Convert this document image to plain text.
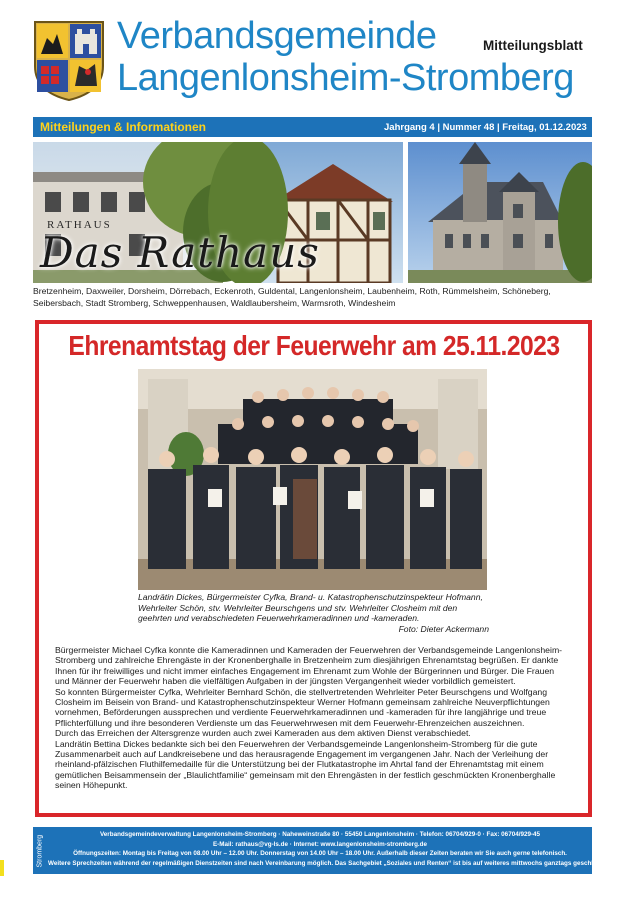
Verbandsgemeinde
Langenlonsheim-Stromberg
Mitteilungsblatt
Mitteilungen & Informationen	Jahrgang 4 | Nummer 48 | Freitag, 01.12.2023
RATHAUS
Das Rathaus
Bretzenheim, Daxweiler, Dorsheim, Dörrebach, Eckenroth, Guldental, Langenlonsheim, Laubenheim, Roth, Rümmelsheim, Schöneberg, Seibersbach, Stadt Stromberg, Schweppenhausen, Waldlaubersheim, Warmsroth, Windesheim
Ehrenamtstag der Feuerwehr am 25.11.2023
Landrätin Dickes, Bürgermeister Cyfka, Brand- u. Katastrophenschutzinspekteur Hofmann, Wehrleiter Schön, stv. Wehrleiter Beurschgens und stv. Wehrleiter Closheim mit den geehrten und verabschiedeten Feuerwehrkameradinnen und -kameraden.
Foto: Dieter Ackermann

Bürgermeister Michael Cyfka konnte die Kameradinnen und Kameraden der Feuerwehren der Verbandsgemeinde Langenlonsheim-Stromberg und zahlreiche Ehrengäste in der Kronenberghalle in Bretzenheim zum diesjährigen Ehrenamtstag begrüßen. Er dankte Ihnen für ihr freiwilliges und nicht immer einfaches Engagement im Ehrenamt zum Wohle der Bürgerinnen und Bürger. Die Frauen und Männer der Feuerwehr haben die vielfältigen Aufgaben in der jüngsten Vergangenheit wieder vorbildlich gemeistert.

So konnten Bürgermeister Cyfka, Wehrleiter Bernhard Schön, die stellvertretenden Wehrleiter Peter Beurschgens und Wolfgang Closheim im Beisein von Brand- und Katastrophenschutzinspekteur Werner Hofmann gemeinsam zahlreiche Neuverpflichtungen vornehmen, Beförderungen aussprechen und verdiente Feuerwehrkameradinnen und -kameraden für ihre langjährige und treue Pflichterfüllung und ihre besonderen Verdienste um das Feuerwehrwesen mit dem Feuerwehr-Ehrenzeichen auszeichnen.

Durch das Erreichen der Altersgrenze wurden auch zwei Kameraden aus dem aktiven Dienst verabschiedet.

Landrätin Bettina Dickes bedankte sich bei den Feuerwehren der Verbandsgemeinde Langenlonsheim-Stromberg für die gute Zusammenarbeit auch auf Landkreisebene und das herausragende Engagement im vergangenen Jahr. Nach der Verleihung der rheinland-pfälzischen Fluthilfemedaille für die Unterstützung bei der Flutkatastrophe im Ahrtal fand der Ehrenamtstag mit einem gemütlichen Beisammensein der „Blaulichtfamilie“ gemeinsam mit den Ehrengästen in der festlich geschmückten Kronenberghalle seinen Höhepunkt.

Stromberg
Verbandsgemeindeverwaltung Langenlonsheim-Stromberg · Naheweinstraße 80 · 55450 Langenlonsheim · Telefon: 06704/929-0 · Fax: 06704/929-45
E-Mail: rathaus@vg-ls.de · Internet: www.langenlonsheim-stromberg.de
Öffnungszeiten: Montag bis Freitag von 08.00 Uhr – 12.00 Uhr. Donnerstag von 14.00 Uhr – 18.00 Uhr. Außerhalb dieser Zeiten beraten wir Sie auch gerne telefonisch.
Weitere Sprechzeiten während der regelmäßigen Dienstzeiten sind nach Vereinbarung möglich. Das Sachgebiet „Soziales und Renten“ ist bis auf weiteres mittwochs ganztags geschlossen.
